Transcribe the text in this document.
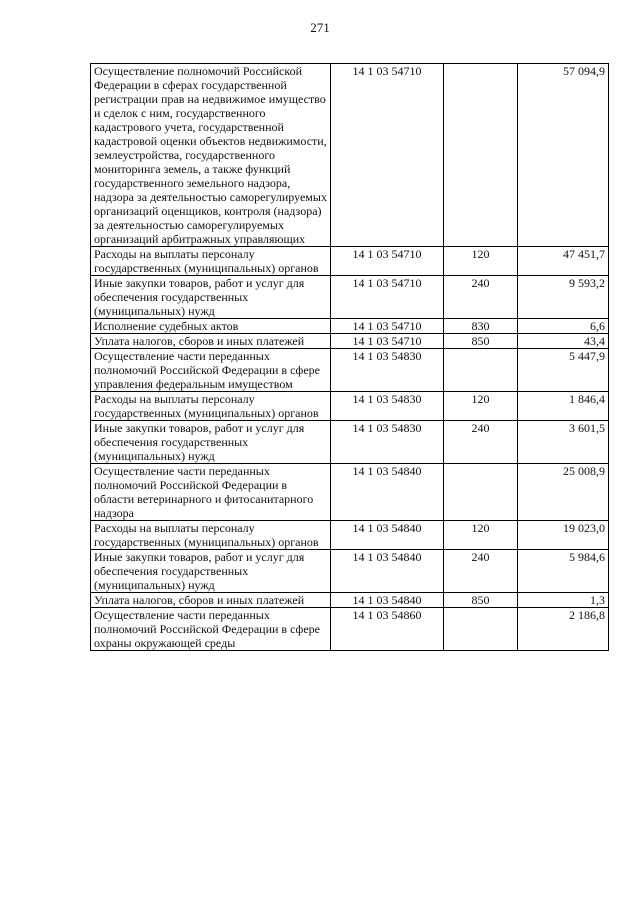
271
Осуществление полномочий Российской Федерации в сферах государственной регистрации прав на недвижимое имущество и сделок с ним, государственного кадастрового учета, государственной кадастровой оценки объектов недвижимости, землеустройства, государственного мониторинга земель, а также функций государственного земельного надзора, надзора за деятельностью саморегулируемых организаций оценщиков, контроля (надзора) за деятельностью саморегулируемых организаций арбитражных управляющих	14 1 03 54710		57 094,9
Расходы на выплаты персоналу государственных (муниципальных) органов	14 1 03 54710	120	47 451,7
Иные закупки товаров, работ и услуг для обеспечения государственных (муниципальных) нужд	14 1 03 54710	240	9 593,2
Исполнение судебных актов	14 1 03 54710	830	6,6
Уплата налогов, сборов и иных платежей	14 1 03 54710	850	43,4
Осуществление части переданных полномочий Российской Федерации в сфере управления федеральным имуществом	14 1 03 54830		5 447,9
Расходы на выплаты персоналу государственных (муниципальных) органов	14 1 03 54830	120	1 846,4
Иные закупки товаров, работ и услуг для обеспечения государственных (муниципальных) нужд	14 1 03 54830	240	3 601,5
Осуществление части переданных полномочий Российской Федерации в области ветеринарного и фитосанитарного надзора	14 1 03 54840		25 008,9
Расходы на выплаты персоналу государственных (муниципальных) органов	14 1 03 54840	120	19 023,0
Иные закупки товаров, работ и услуг для обеспечения государственных (муниципальных) нужд	14 1 03 54840	240	5 984,6
Уплата налогов, сборов и иных платежей	14 1 03 54840	850	1,3
Осуществление части переданных полномочий Российской Федерации в сфере охраны окружающей среды	14 1 03 54860		2 186,8
